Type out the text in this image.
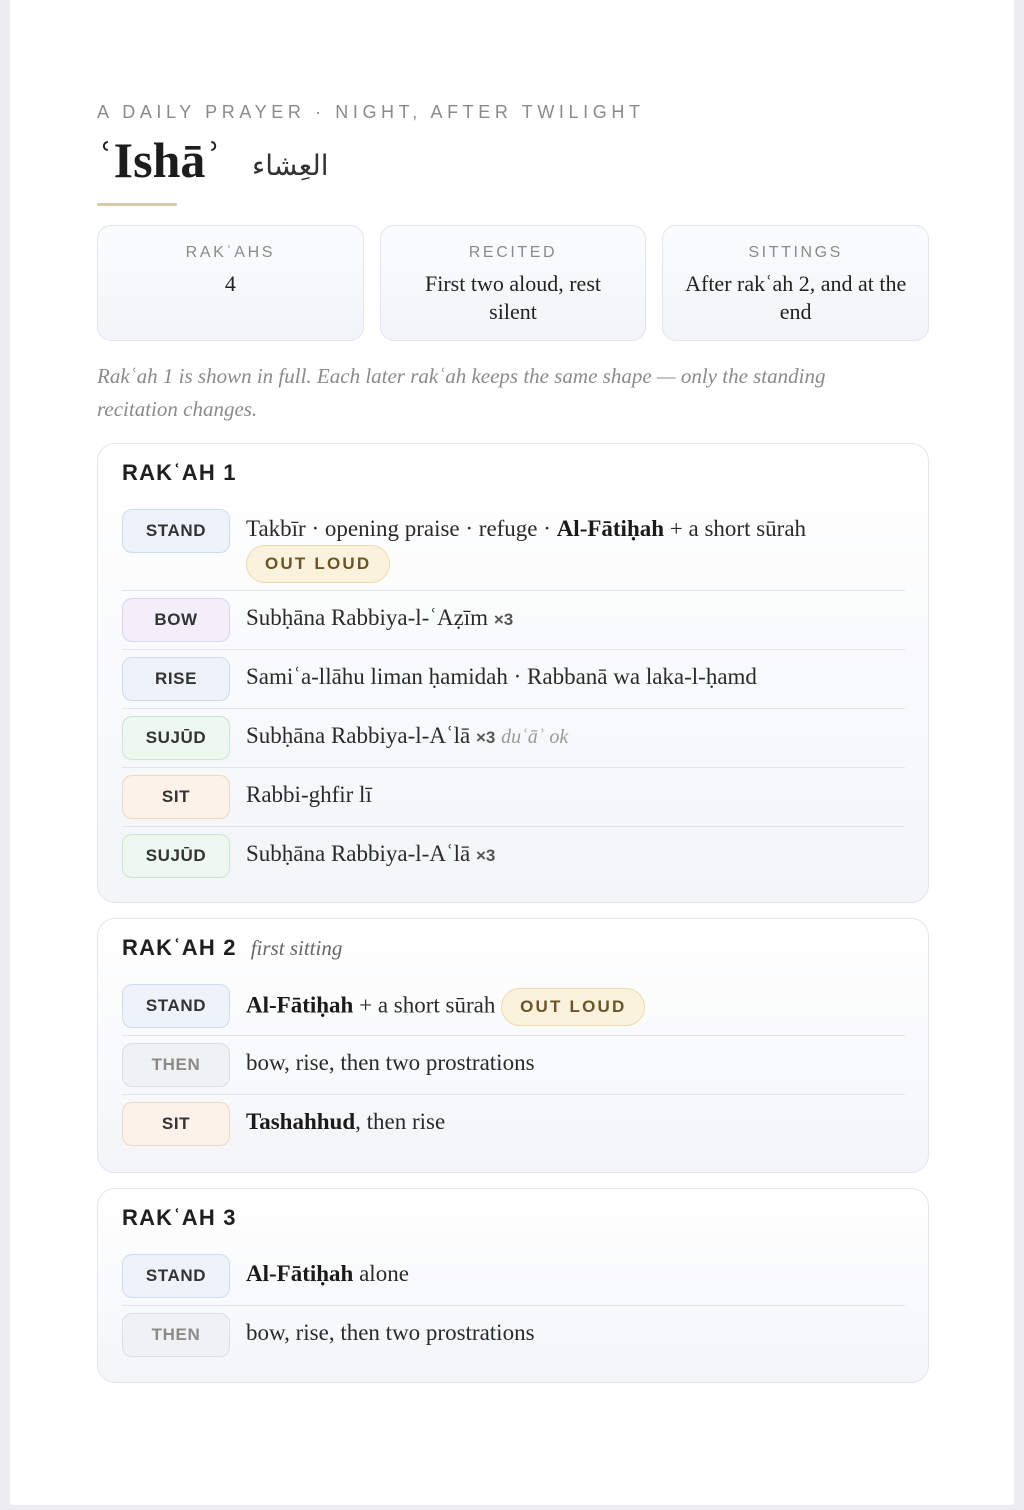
A DAILY PRAYER · NIGHT, AFTER TWILIGHT
ʿIshāʾ العِشاء
RAKʿAHS
4
RECITED
First two aloud, rest silent
SITTINGS
After rakʿah 2, and at the end

Rakʿah 1 is shown in full. Each later rakʿah keeps the same shape — only the standing recitation changes.

RAKʿAH 1
STAND	Takbīr · opening praise · refuge · Al-Fātiḥah + a short sūrah
OUT LOUD
BOW	Subḥāna Rabbiya-l-ʿAẓīm ×3
RISE	Samiʿa-llāhu liman ḥamidah · Rabbanā wa laka-l-ḥamd
SUJŪD	Subḥāna Rabbiya-l-Aʿlā ×3 duʿāʾ ok
SIT	Rabbi-ghfir lī
SUJŪD	Subḥāna Rabbiya-l-Aʿlā ×3
RAKʿAH 2 first sitting
STAND	Al-Fātiḥah + a short sūrah OUT LOUD
THEN	bow, rise, then two prostrations
SIT	Tashahhud, then rise
RAKʿAH 3
STAND	Al-Fātiḥah alone
THEN	bow, rise, then two prostrations
